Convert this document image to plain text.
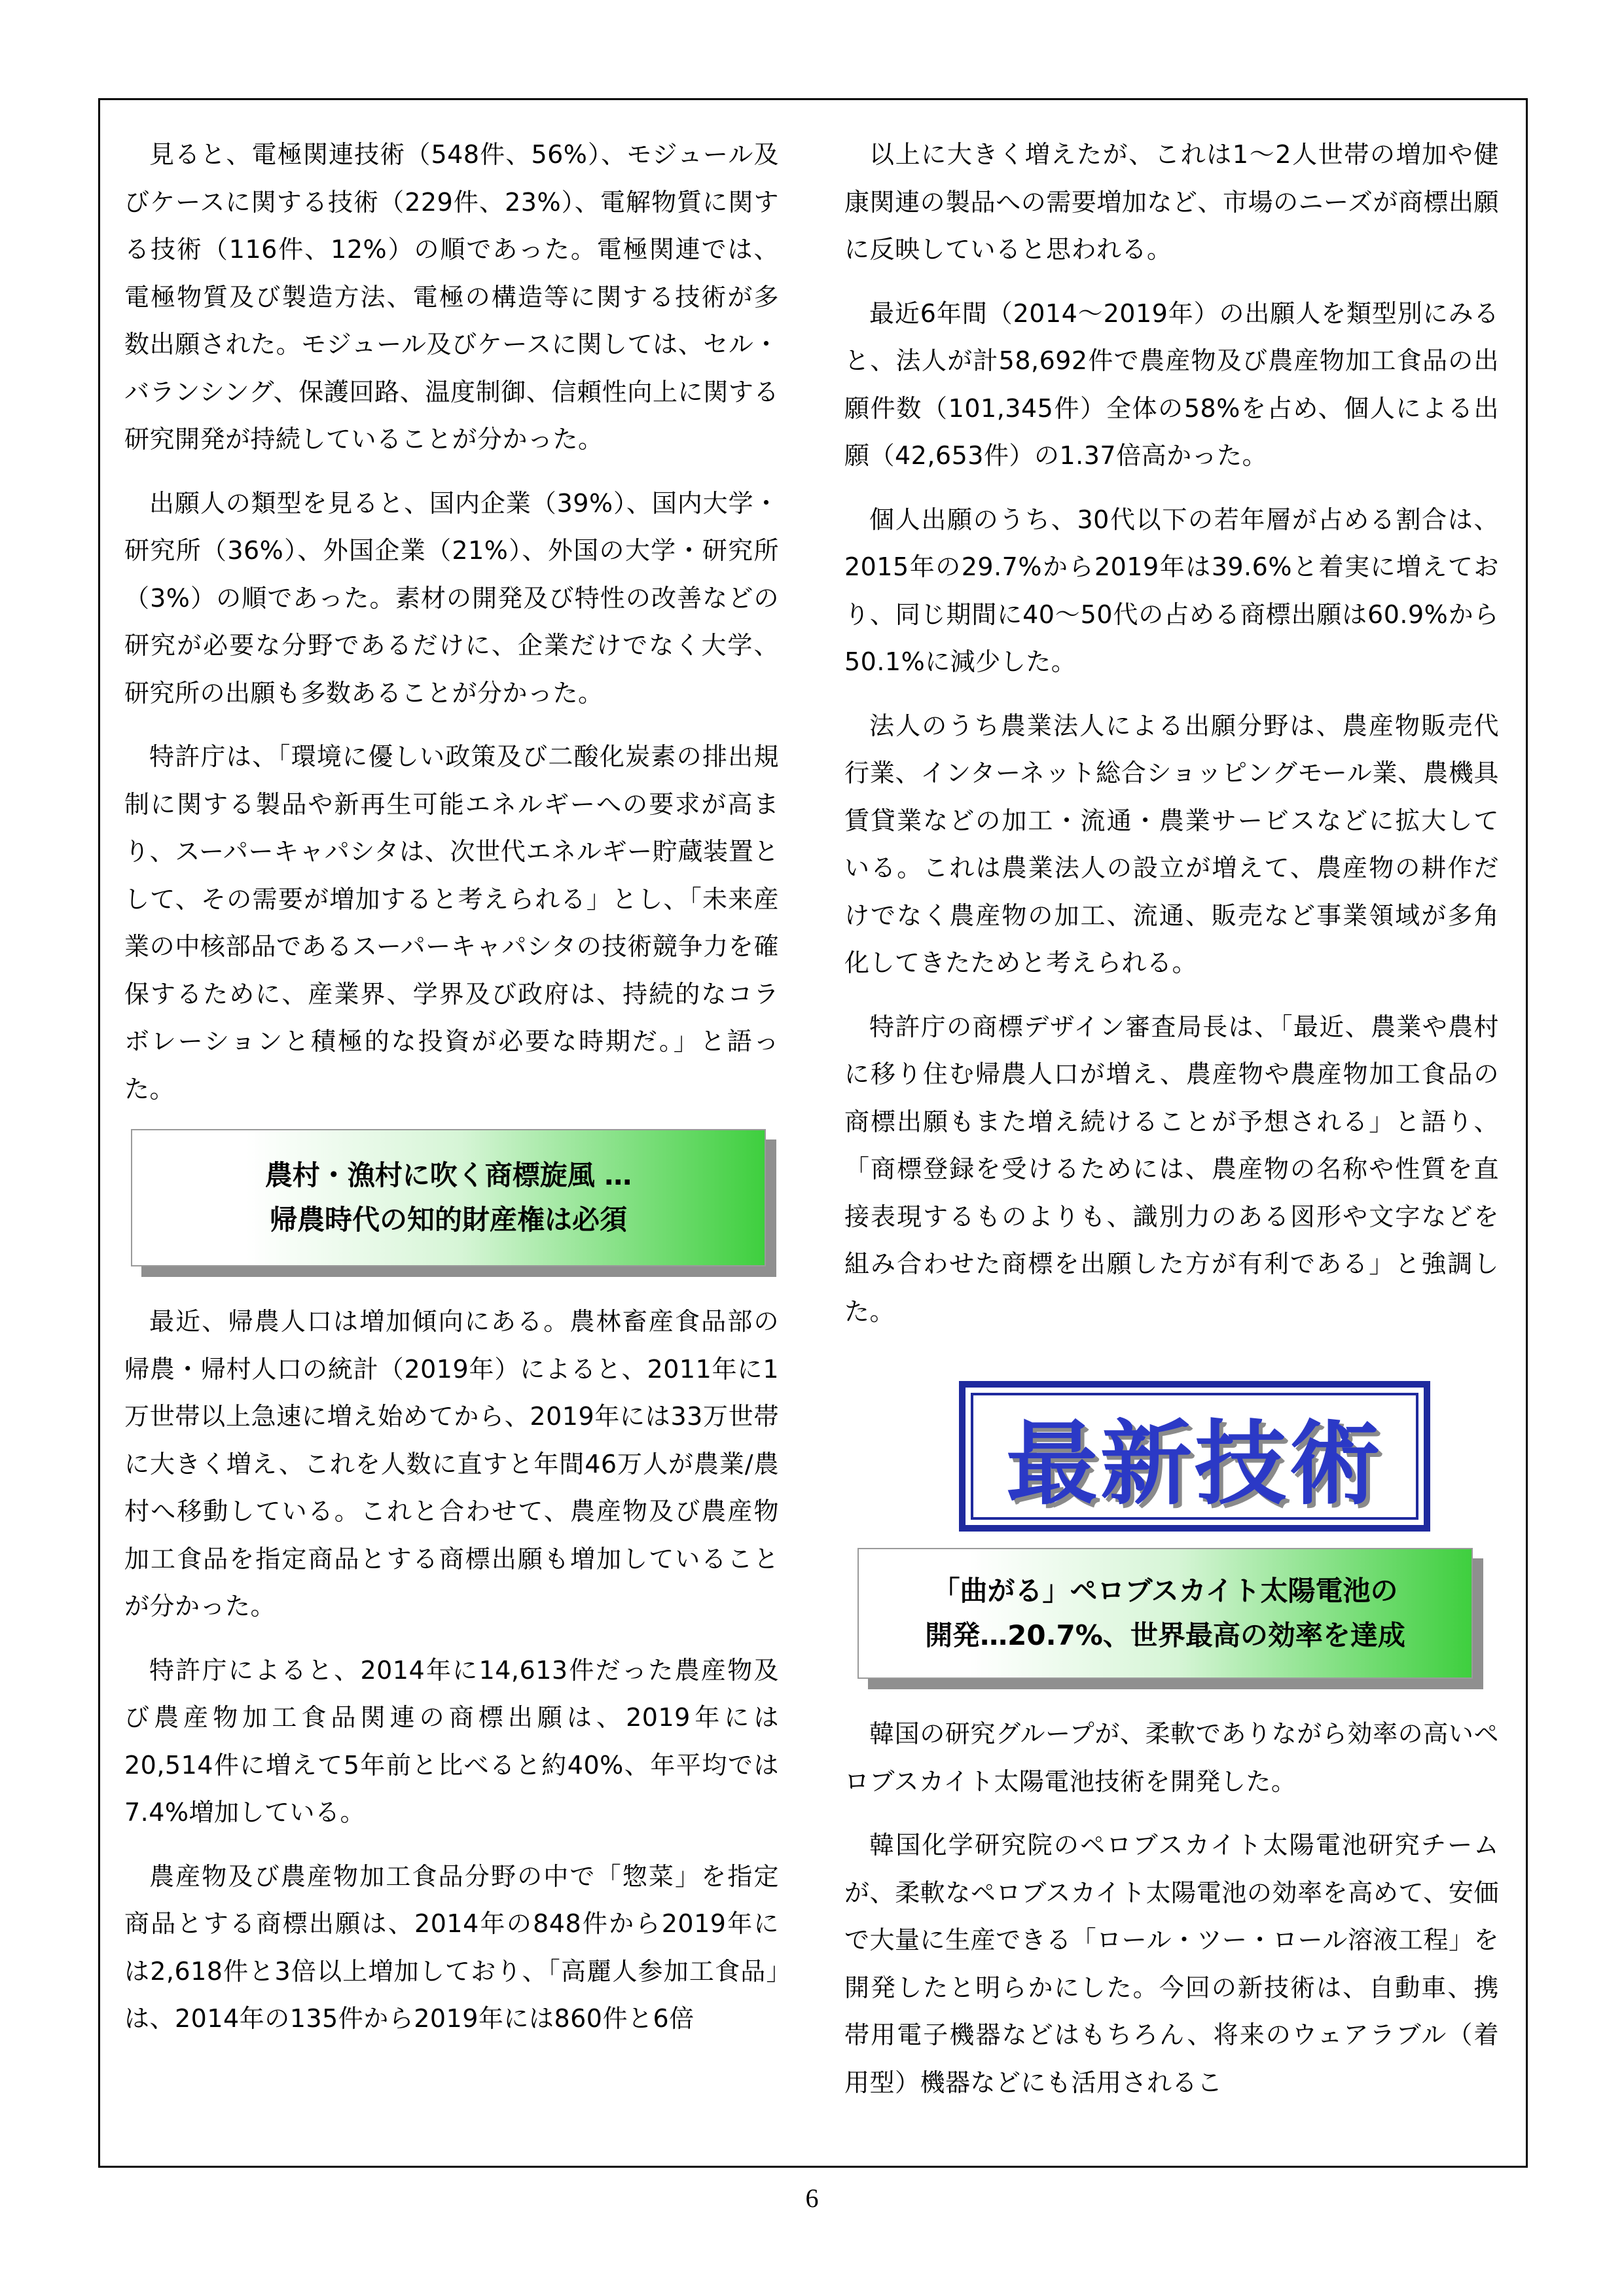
見ると、電極関連技術（548件、56%）、モジュール及びケースに関する技術（229件、23%）、電解物質に関する技術（116件、12%）の順であった。電極関連では、電極物質及び製造方法、電極の構造等に関する技術が多数出願された。モジュール及びケースに関しては、セル・バランシング、保護回路、温度制御、信頼性向上に関する研究開発が持続していることが分かった。

出願人の類型を見ると、国内企業（39%）、国内大学・研究所（36%）、外国企業（21%）、外国の大学・研究所（3%）の順であった。素材の開発及び特性の改善などの研究が必要な分野であるだけに、企業だけでなく大学、研究所の出願も多数あることが分かった。

特許庁は、「環境に優しい政策及び二酸化炭素の排出規制に関する製品や新再生可能エネルギーへの要求が高まり、スーパーキャパシタは、次世代エネルギー貯蔵装置として、その需要が増加すると考えられる」とし、「未来産業の中核部品であるスーパーキャパシタの技術競争力を確保するために、産業界、学界及び政府は、持続的なコラボレーションと積極的な投資が必要な時期だ。」と語った。

農村・漁村に吹く商標旋風 …
帰農時代の知的財産権は必須

最近、帰農人口は増加傾向にある。農林畜産食品部の帰農・帰村人口の統計（2019年）によると、2011年に1万世帯以上急速に増え始めてから、2019年には33万世帯に大きく増え、これを人数に直すと年間46万人が農業/農村へ移動している。これと合わせて、農産物及び農産物加工食品を指定商品とする商標出願も増加していることが分かった。

特許庁によると、2014年に14,613件だった農産物及び農産物加工食品関連の商標出願は、2019年には20,514件に増えて5年前と比べると約40%、年平均では7.4%増加している。

農産物及び農産物加工食品分野の中で「惣菜」を指定商品とする商標出願は、2014年の848件から2019年には2,618件と3倍以上増加しており、「高麗人参加工食品」は、2014年の135件から2019年には860件と6倍

以上に大きく増えたが、これは1～2人世帯の増加や健康関連の製品への需要増加など、市場のニーズが商標出願に反映していると思われる。

最近6年間（2014～2019年）の出願人を類型別にみると、法人が計58,692件で農産物及び農産物加工食品の出願件数（101,345件）全体の58%を占め、個人による出願（42,653件）の1.37倍高かった。

個人出願のうち、30代以下の若年層が占める割合は、2015年の29.7%から2019年は39.6%と着実に増えており、同じ期間に40～50代の占める商標出願は60.9%から50.1%に減少した。

法人のうち農業法人による出願分野は、農産物販売代行業、インターネット総合ショッピングモール業、農機具賃貸業などの加工・流通・農業サービスなどに拡大している。これは農業法人の設立が増えて、農産物の耕作だけでなく農産物の加工、流通、販売など事業領域が多角化してきたためと考えられる。

特許庁の商標デザイン審査局長は、「最近、農業や農村に移り住む帰農人口が増え、農産物や農産物加工食品の商標出願もまた増え続けることが予想される」と語り、「商標登録を受けるためには、農産物の名称や性質を直接表現するものよりも、識別力のある図形や文字などを組み合わせた商標を出願した方が有利である」と強調した。

最新技術
「曲がる」ペロブスカイト太陽電池の
開発…20.7%、世界最高の効率を達成

韓国の研究グループが、柔軟でありながら効率の高いペロブスカイト太陽電池技術を開発した。

韓国化学研究院のペロブスカイト太陽電池研究チームが、柔軟なペロブスカイト太陽電池の効率を高めて、安価で大量に生産できる「ロール・ツー・ロール溶液工程」を開発したと明らかにした。今回の新技術は、自動車、携帯用電子機器などはもちろん、将来のウェアラブル（着用型）機器などにも活用されるこ

6
